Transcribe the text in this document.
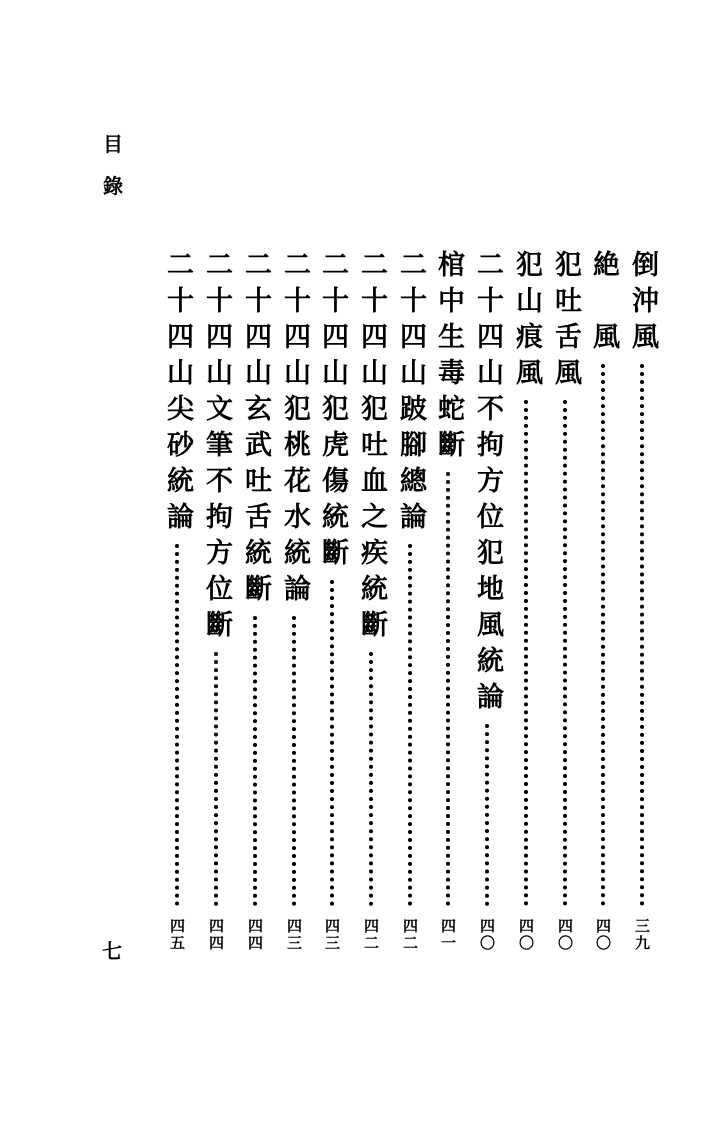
目
錄
倒沖風
三九
絶　風
四〇
犯吐舌風
四〇
犯山痕風
四〇
二十四山不拘方位犯地風統論
四〇
棺中生毒蛇斷
四一
二十四山跛腳總論
四二
二十四山犯吐血之疾統斷
四二
二十四山犯虎傷統斷
四三
二十四山犯桃花水統論
四三
二十四山玄武吐舌統斷
四四
二十四山文筆不拘方位斷
四四
二十四山尖砂統論
四五
七
